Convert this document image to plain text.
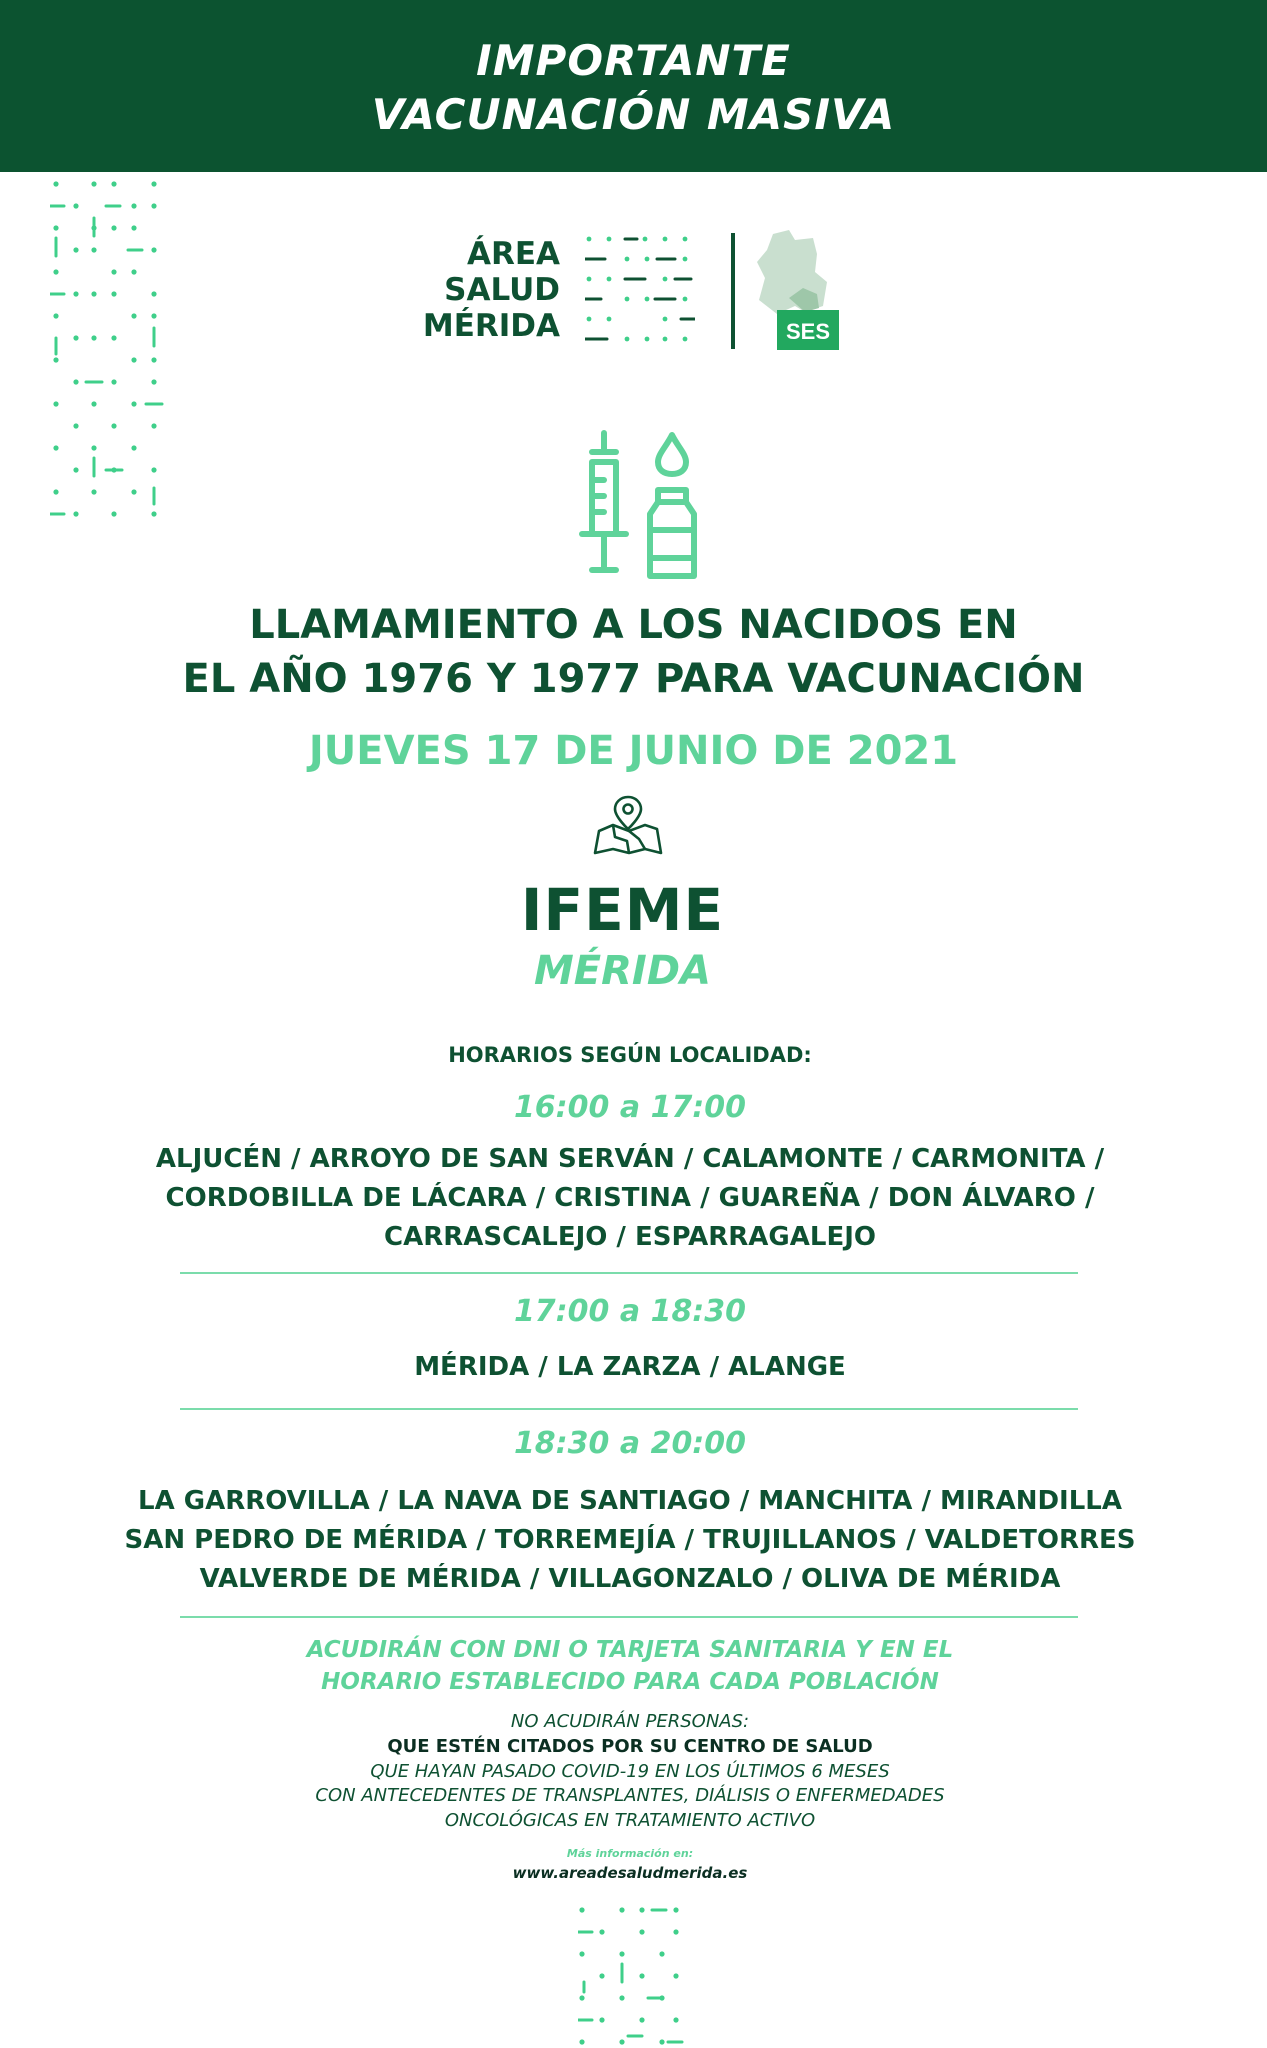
IMPORTANTE
VACUNACIÓN MASIVA
ÁREA
SALUD
MÉRIDA	SES
LLAMAMIENTO A LOS NACIDOS EN
EL AÑO 1976 Y 1977 PARA VACUNACIÓN
JUEVES 17 DE JUNIO DE 2021
IFEME
MÉRIDA
HORARIOS SEGÚN LOCALIDAD:
16:00 a 17:00
ALJUCÉN / ARROYO DE SAN SERVÁN / CALAMONTE / CARMONITA /
CORDOBILLA DE LÁCARA / CRISTINA / GUAREÑA / DON ÁLVARO /
CARRASCALEJO / ESPARRAGALEJO
17:00 a 18:30
MÉRIDA / LA ZARZA / ALANGE
18:30 a 20:00
LA GARROVILLA / LA NAVA DE SANTIAGO / MANCHITA / MIRANDILLA
SAN PEDRO DE MÉRIDA / TORREMEJÍA / TRUJILLANOS / VALDETORRES
VALVERDE DE MÉRIDA / VILLAGONZALO / OLIVA DE MÉRIDA
ACUDIRÁN CON DNI O TARJETA SANITARIA Y EN EL
HORARIO ESTABLECIDO PARA CADA POBLACIÓN
NO ACUDIRÁN PERSONAS:
QUE ESTÉN CITADOS POR SU CENTRO DE SALUD
QUE HAYAN PASADO COVID-19 EN LOS ÚLTIMOS 6 MESES
CON ANTECEDENTES DE TRANSPLANTES, DIÁLISIS O ENFERMEDADES
ONCOLÓGICAS EN TRATAMIENTO ACTIVO
Más información en:
www.areadesaludmerida.es
